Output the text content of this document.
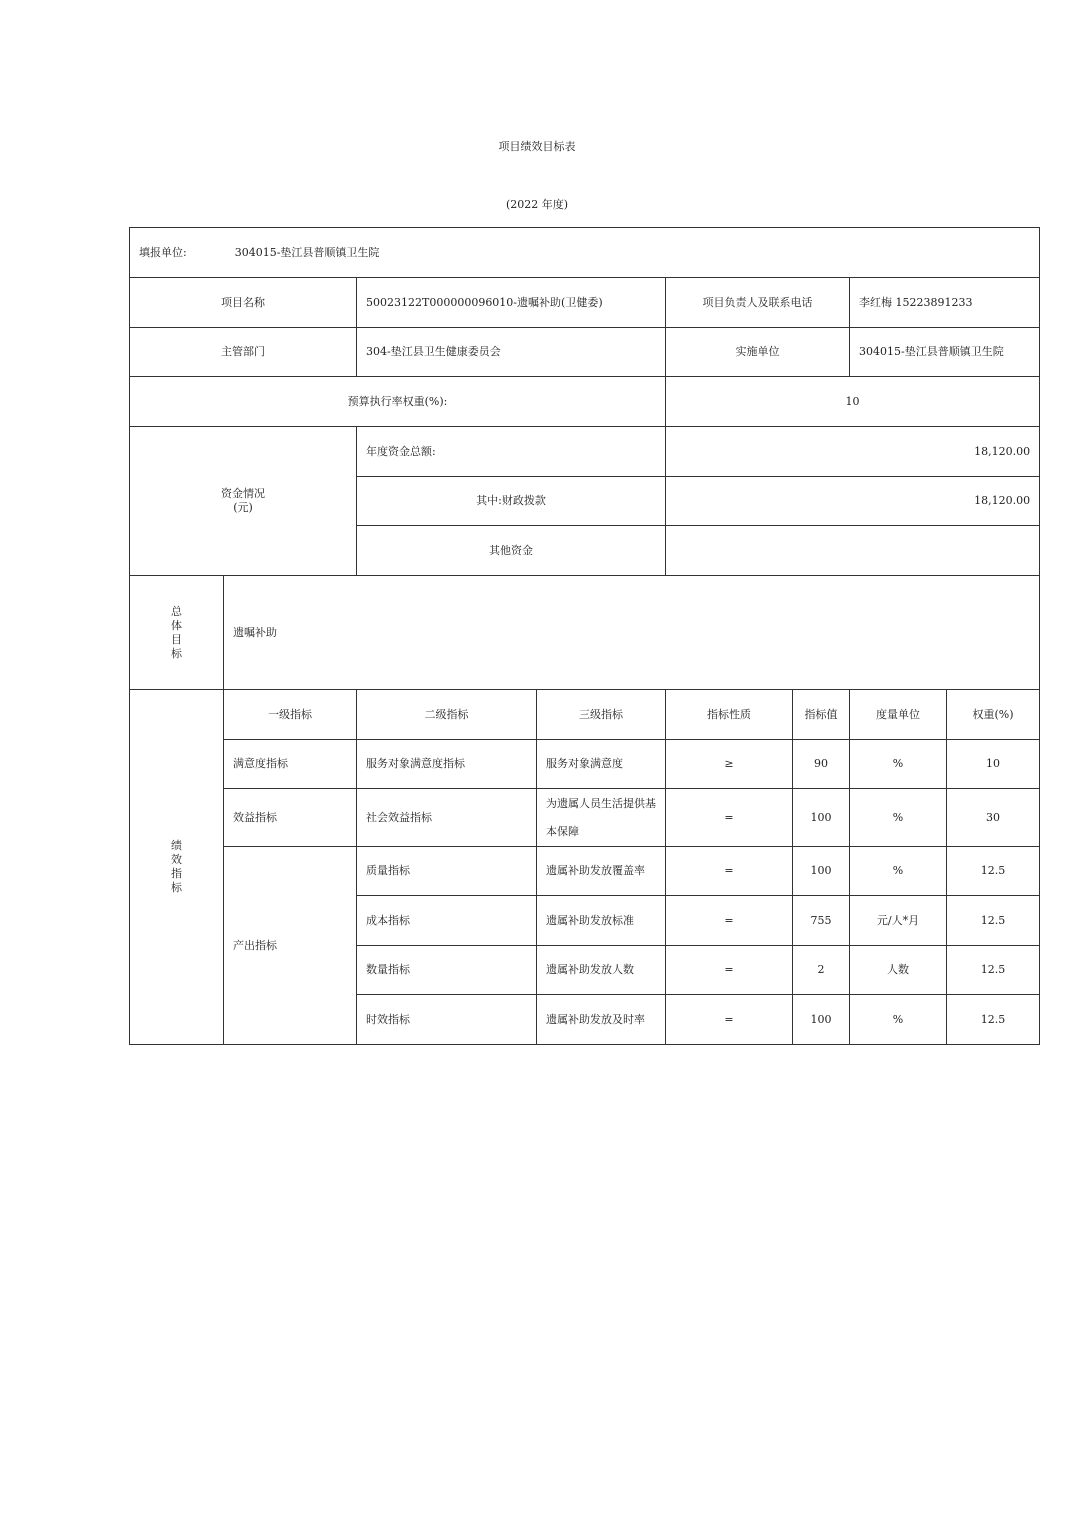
项目绩效目标表
(2022 年度)
填报单位: 304015-垫江县普顺镇卫生院							
项目名称		50023122T000000096010-遗嘱补助(卫健委)		项目负责人及联系电话		李红梅 15223891233	
主管部门		304-垫江县卫生健康委员会		实施单位		304015-垫江县普顺镇卫生院	
预算执行率权重(%):				10			

资金情况
(元)		年度资金总额:		18,120.00			
		其中:财政拨款		18,120.00			
		其他资金					

总
体
目
标	遗嘱补助						

绩
效
指
标	一级指标	二级指标	三级指标	指标性质	指标值	度量单位	权重(%)
	满意度指标	服务对象满意度指标	服务对象满意度	≥	90	%	10
	效益指标	社会效益指标	为遗属人员生活提供基本保障	=	100	%	30
	产出指标	质量指标	遗属补助发放覆盖率	=	100	%	12.5
		成本指标	遗属补助发放标准	=	755	元/人*月	12.5
		数量指标	遗属补助发放人数	=	2	人数	12.5
		时效指标	遗属补助发放及时率	=	100	%	12.5
